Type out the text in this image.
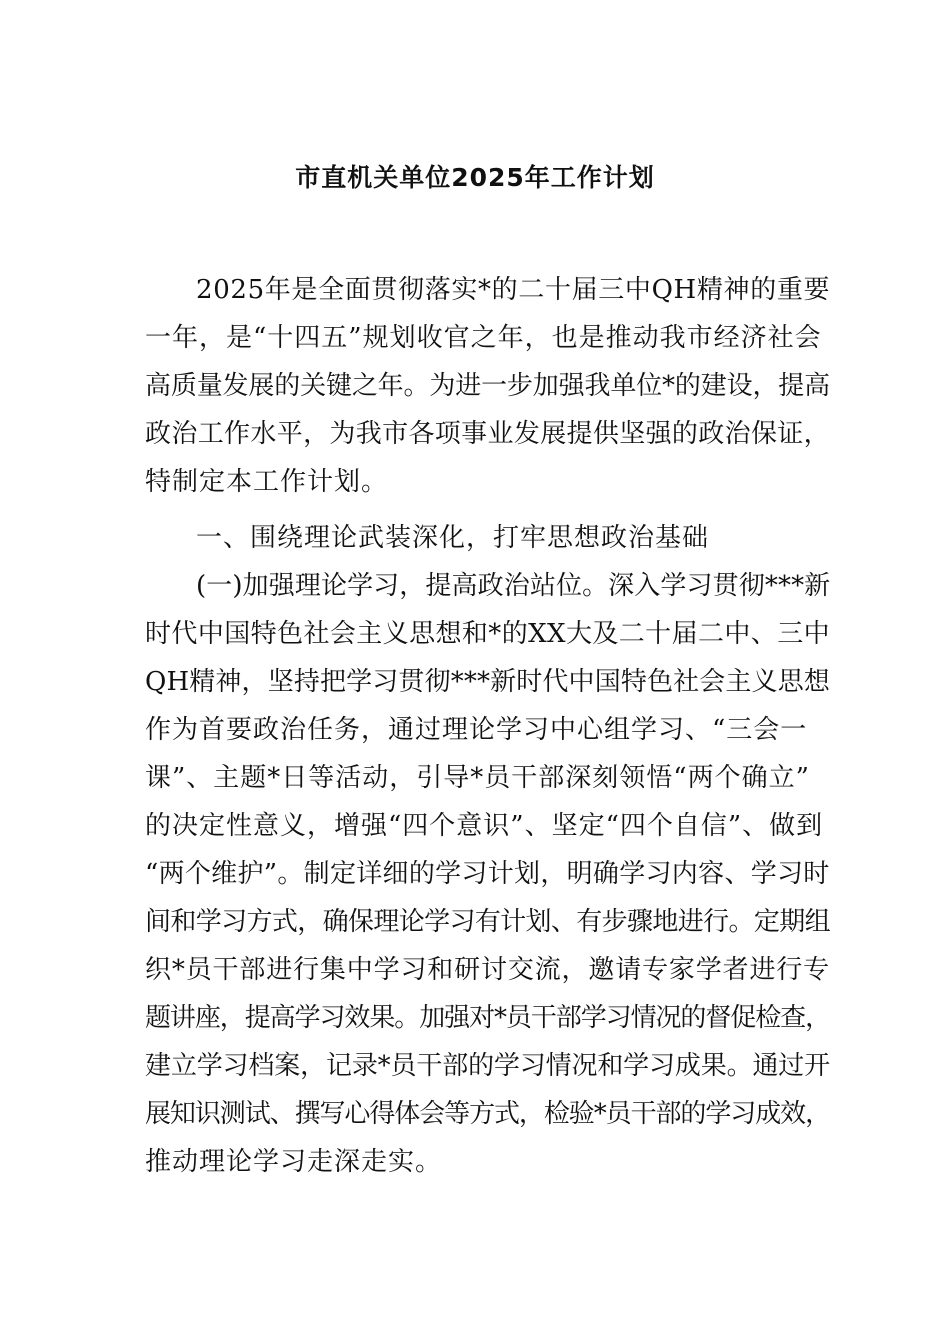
市直机关单位2025年工作计划
2025年是全面贯彻落实*的二十届三中QH精神的重要
一年，是“十四五”规划收官之年，也是推动我市经济社会
高质量发展的关键之年。为进一步加强我单位*的建设，提高
政治工作水平，为我市各项事业发展提供坚强的政治保证，
特制定本工作计划。
一、围绕理论武装深化，打牢思想政治基础
(一)加强理论学习，提高政治站位。深入学习贯彻***新
时代中国特色社会主义思想和*的XX大及二十届二中、三中
QH精神，坚持把学习贯彻***新时代中国特色社会主义思想
作为首要政治任务，通过理论学习中心组学习、“三会一
课”、主题*日等活动，引导*员干部深刻领悟“两个确立”
的决定性意义，增强“四个意识”、坚定“四个自信”、做到
“两个维护”。制定详细的学习计划，明确学习内容、学习时
间和学习方式，确保理论学习有计划、有步骤地进行。定期组
织*员干部进行集中学习和研讨交流，邀请专家学者进行专
题讲座，提高学习效果。加强对*员干部学习情况的督促检查，
建立学习档案，记录*员干部的学习情况和学习成果。通过开
展知识测试、撰写心得体会等方式，检验*员干部的学习成效，
推动理论学习走深走实。
